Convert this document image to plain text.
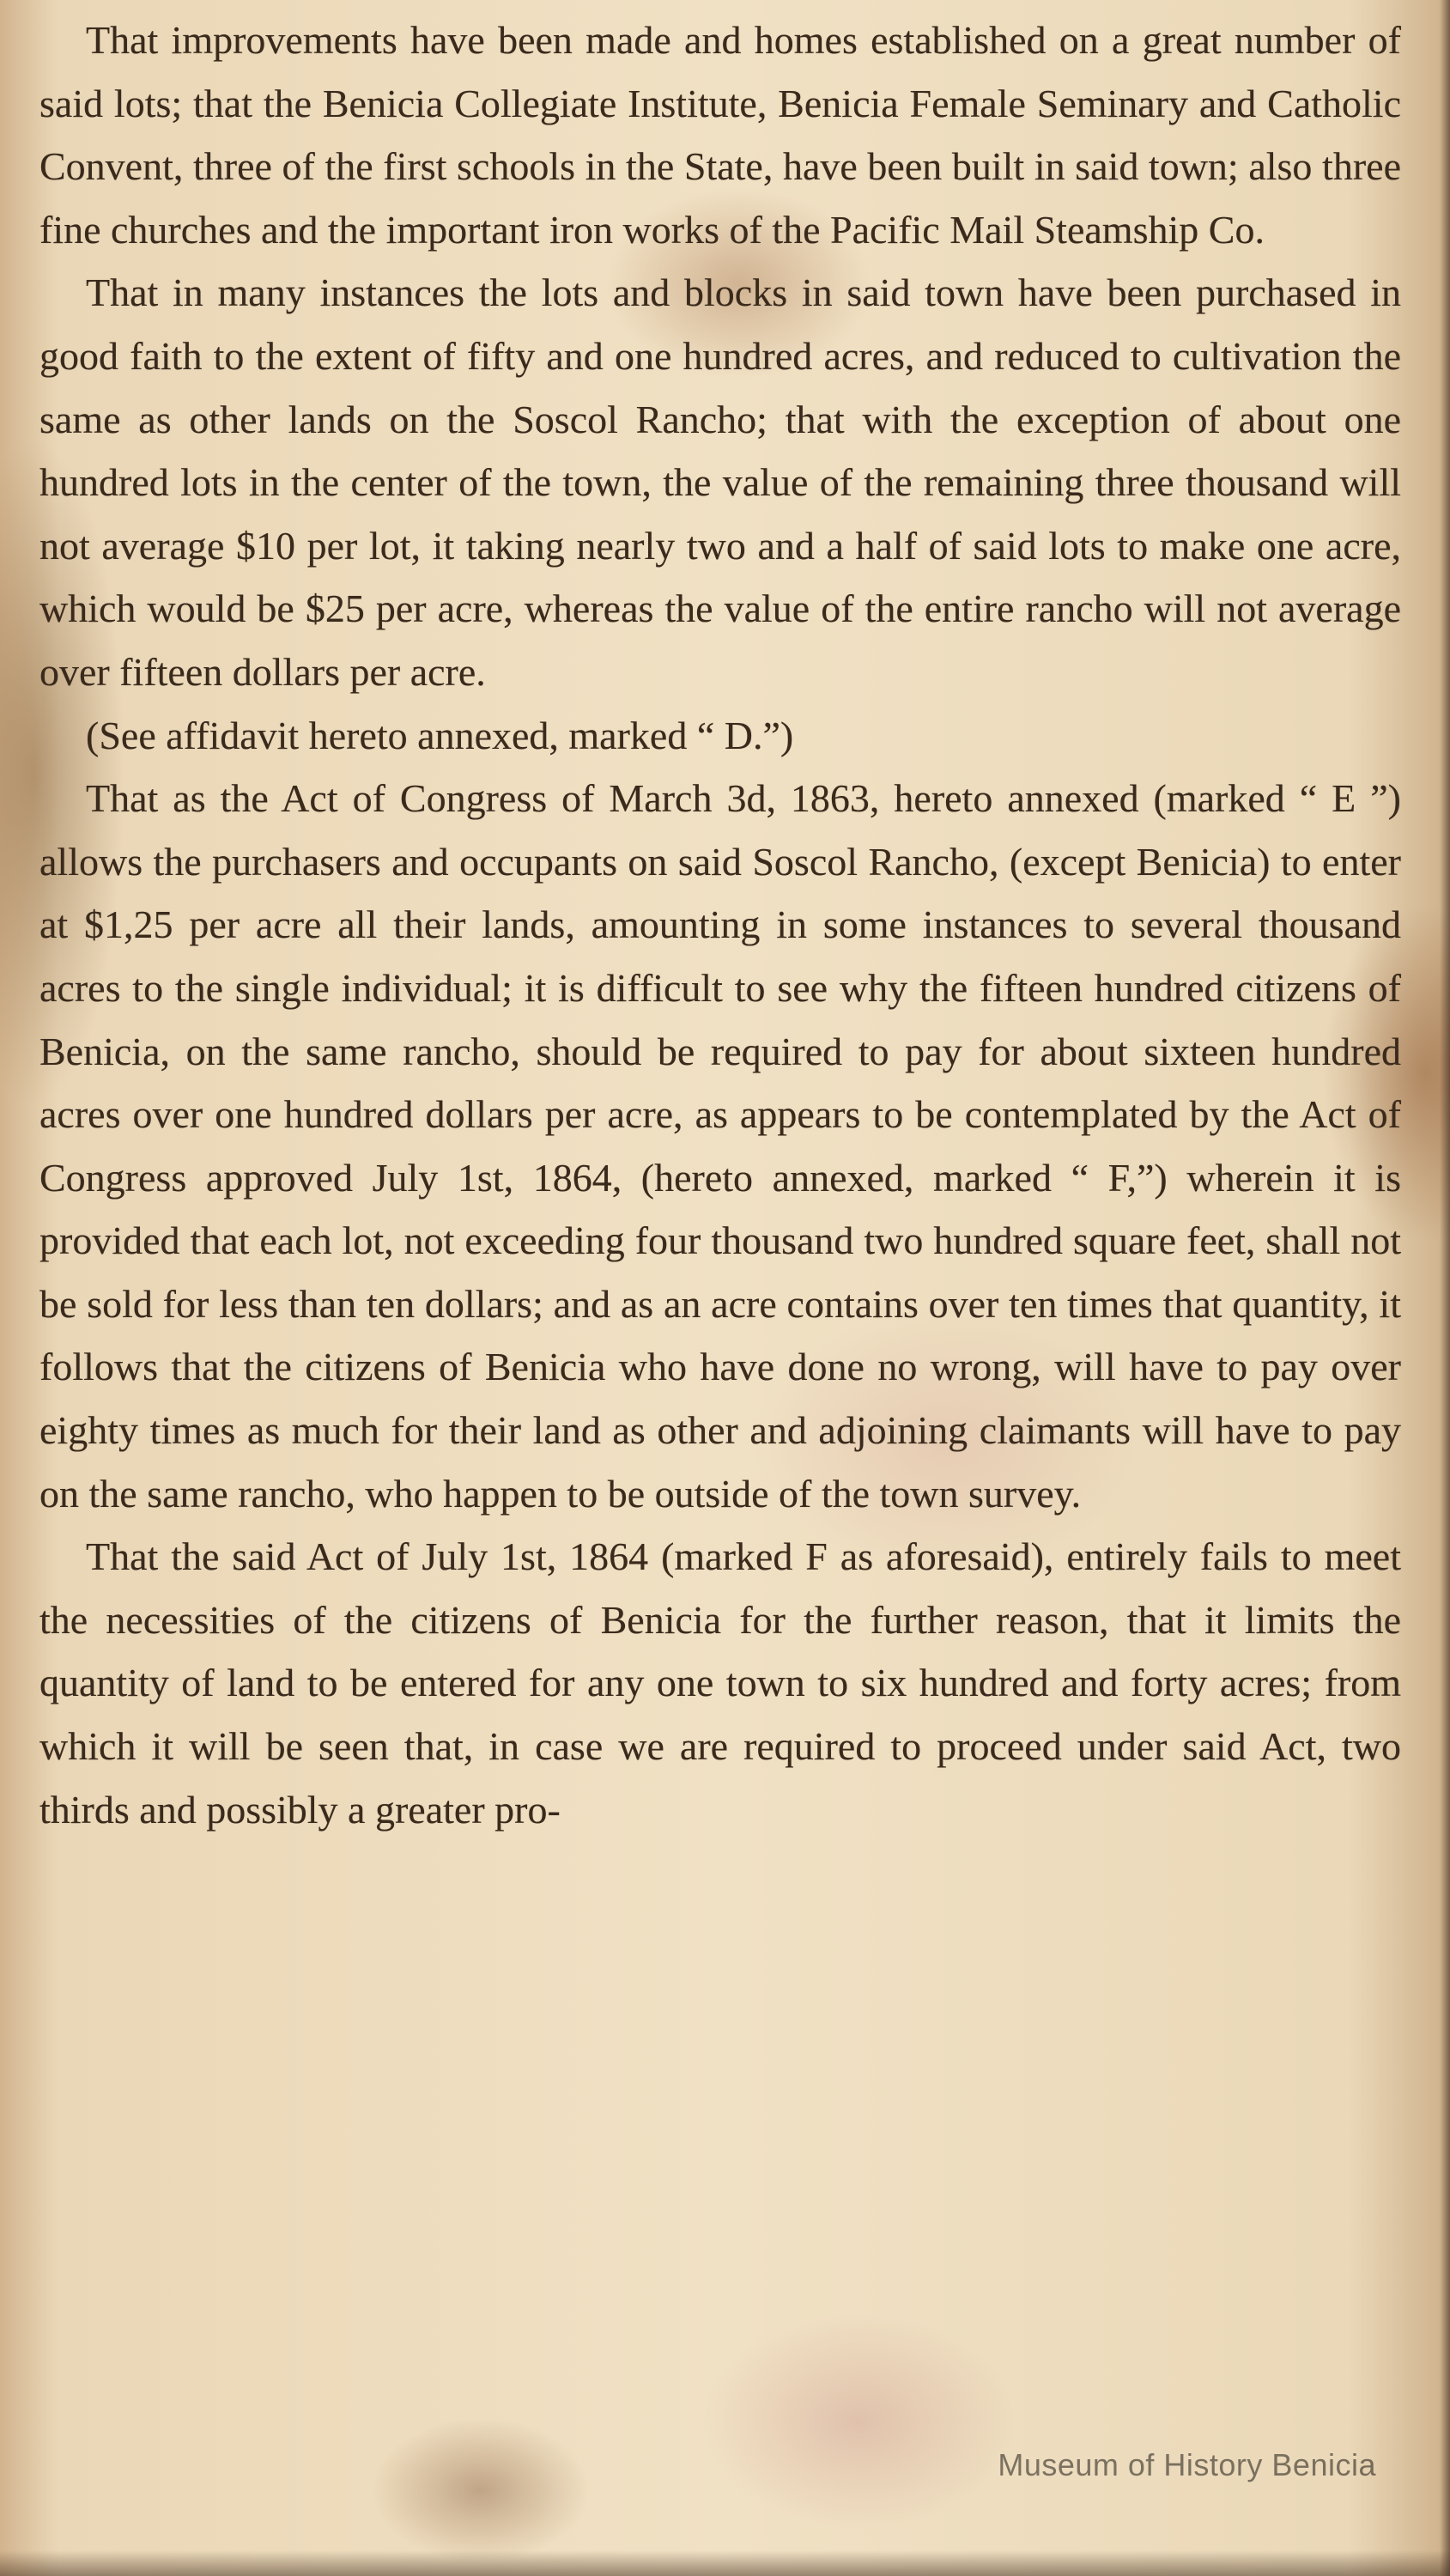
That improvements have been made and homes established on a great number of said lots; that the Benicia Collegiate Institute, Benicia Female Seminary and Catholic Convent, three of the first schools in the State, have been built in said town; also three fine churches and the important iron works of the Pacific Mail Steamship Co.

That in many instances the lots and blocks in said town have been purchased in good faith to the extent of fifty and one hundred acres, and reduced to cultivation the same as other lands on the Soscol Rancho; that with the exception of about one hundred lots in the center of the town, the value of the remaining three thousand will not average $10 per lot, it taking nearly two and a half of said lots to make one acre, which would be $25 per acre, whereas the value of the entire rancho will not average over fifteen dollars per acre.

(See affidavit hereto annexed, marked “ D.”)

That as the Act of Congress of March 3d, 1863, hereto annexed (marked “ E ”) allows the purchasers and occupants on said Soscol Rancho, (except Benicia) to enter at $1,25 per acre all their lands, amounting in some instances to several thousand acres to the single individual; it is difficult to see why the fifteen hundred citizens of Benicia, on the same rancho, should be required to pay for about sixteen hundred acres over one hundred dollars per acre, as appears to be contemplated by the Act of Congress approved July 1st, 1864, (hereto annexed, marked “ F,”) wherein it is provided that each lot, not exceeding four thousand two hundred square feet, shall not be sold for less than ten dollars; and as an acre contains over ten times that quantity, it follows that the citizens of Benicia who have done no wrong, will have to pay over eighty times as much for their land as other and adjoining claimants will have to pay on the same rancho, who happen to be outside of the town survey.

That the said Act of July 1st, 1864 (marked F as aforesaid), entirely fails to meet the necessities of the citizens of Benicia for the further reason, that it limits the quantity of land to be entered for any one town to six hundred and forty acres; from which it will be seen that, in case we are required to proceed under said Act, two thirds and possibly a greater pro-

Museum of History Benicia
